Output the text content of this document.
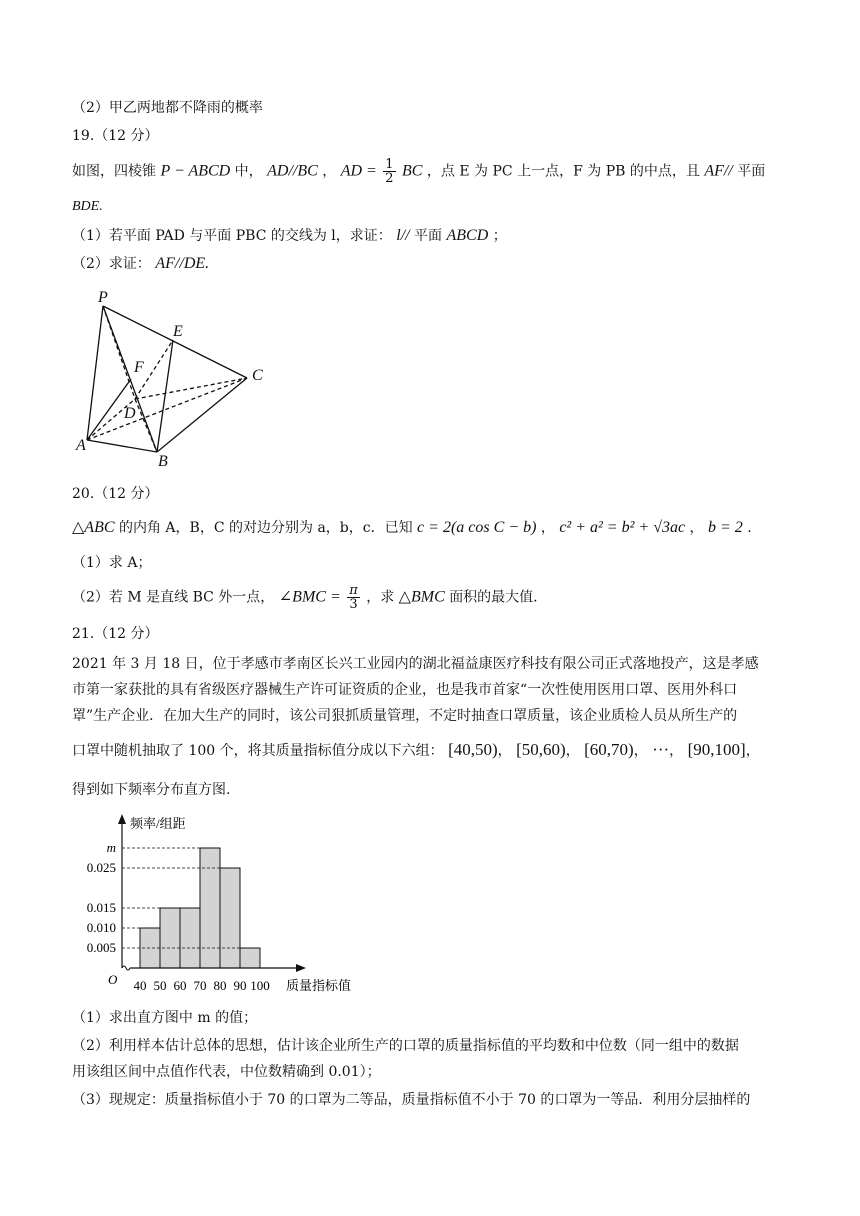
（2）甲乙两地都不降雨的概率
19.（12 分）
如图，四棱锥 P − ABCD 中， AD//BC ， AD = $\frac{1}{2}$ BC ，点 E 为 PC 上一点，F 为 PB 的中点，且 AF// 平面
BDE.
（1）若平面 PAD 与平面 PBC 的交线为 l，求证： l// 平面 ABCD ；
（2）求证： AF//DE.
P
E
C
F
D
A
B
20.（12 分）
△ABC 的内角 A，B，C 的对边分别为 a，b，c．已知 c = 2(a cos C − b) ， c² + a² = b² + √3ac ， b = 2 .
（1）求 A；
（2）若 M 是直线 BC 外一点， ∠BMC = $\frac{\pi}{3}$ ，求 △BMC 面积的最大值.
21.（12 分）
2021 年 3 月 18 日，位于孝感市孝南区长兴工业园内的湖北福益康医疗科技有限公司正式落地投产，这是孝感
市第一家获批的具有省级医疗器械生产许可证资质的企业，也是我市首家“一次性使用医用口罩、医用外科口
罩”生产企业．在加大生产的同时，该公司狠抓质量管理，不定时抽查口罩质量，该企业质检人员从所生产的
口罩中随机抽取了 100 个，将其质量指标值分成以下六组： [40,50)， [50,60)， [60,70)， ···， [90,100]，
得到如下频率分布直方图.
m
0.025
0.015
0.010
0.005
40 50 60 70 80 90 100
O
频率/组距
质量指标值
（1）求出直方图中 m 的值；
（2）利用样本估计总体的思想，估计该企业所生产的口罩的质量指标值的平均数和中位数（同一组中的数据
用该组区间中点值作代表，中位数精确到 0.01）；
（3）现规定：质量指标值小于 70 的口罩为二等品，质量指标值不小于 70 的口罩为一等品．利用分层抽样的
